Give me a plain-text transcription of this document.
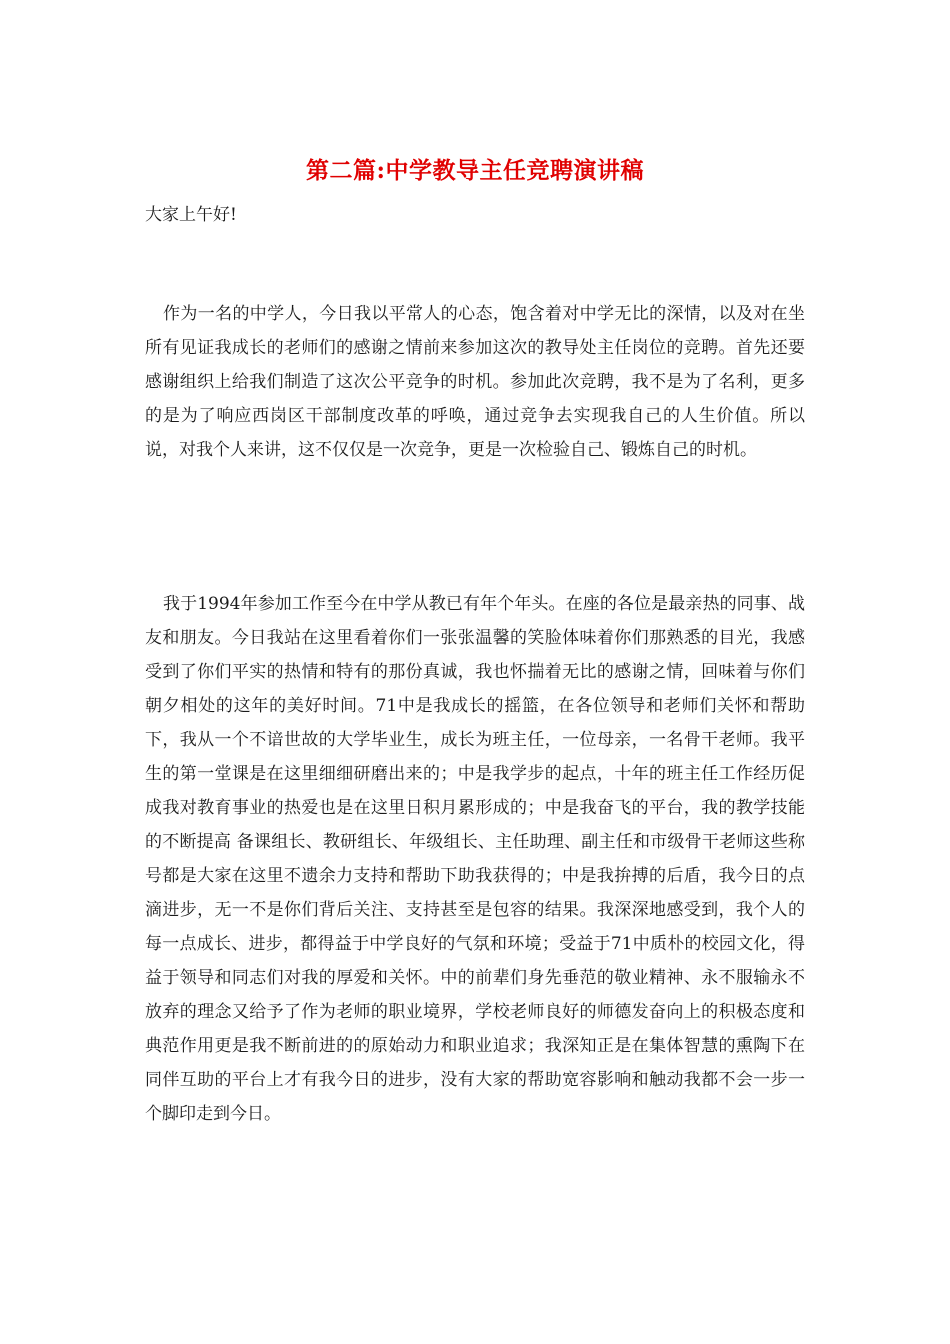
第二篇:中学教导主任竞聘演讲稿

大家上午好!

作为一名的中学人，今日我以平常人的心态，饱含着对中学无比的深情，以及对在坐所有见证我成长的老师们的感谢之情前来参加这次的教导处主任岗位的竞聘。首先还要感谢组织上给我们制造了这次公平竞争的时机。参加此次竞聘，我不是为了名利，更多的是为了响应西岗区干部制度改革的呼唤，通过竞争去实现我自己的人生价值。所以说，对我个人来讲，这不仅仅是一次竞争，更是一次检验自己、锻炼自己的时机。

我于1994年参加工作至今在中学从教已有年个年头。在座的各位是最亲热的同事、战友和朋友。今日我站在这里看着你们一张张温馨的笑脸体味着你们那熟悉的目光，我感受到了你们平实的热情和特有的那份真诚，我也怀揣着无比的感谢之情，回味着与你们朝夕相处的这年的美好时间。71中是我成长的摇篮，在各位领导和老师们关怀和帮助下，我从一个不谙世故的大学毕业生，成长为班主任，一位母亲，一名骨干老师。我平生的第一堂课是在这里细细研磨出来的；中是我学步的起点，十年的班主任工作经历促成我对教育事业的热爱也是在这里日积月累形成的；中是我奋飞的平台，我的教学技能的不断提高 备课组长、教研组长、年级组长、主任助理、副主任和市级骨干老师这些称号都是大家在这里不遗余力支持和帮助下助我获得的；中是我拚搏的后盾，我今日的点滴进步，无一不是你们背后关注、支持甚至是包容的结果。我深深地感受到，我个人的每一点成长、进步，都得益于中学良好的气氛和环境；受益于71中质朴的校园文化，得益于领导和同志们对我的厚爱和关怀。中的前辈们身先垂范的敬业精神、永不服输永不放弃的理念又给予了作为老师的职业境界，学校老师良好的师德发奋向上的积极态度和典范作用更是我不断前进的的原始动力和职业追求；我深知正是在集体智慧的熏陶下在同伴互助的平台上才有我今日的进步，没有大家的帮助宽容影响和触动我都不会一步一个脚印走到今日。
